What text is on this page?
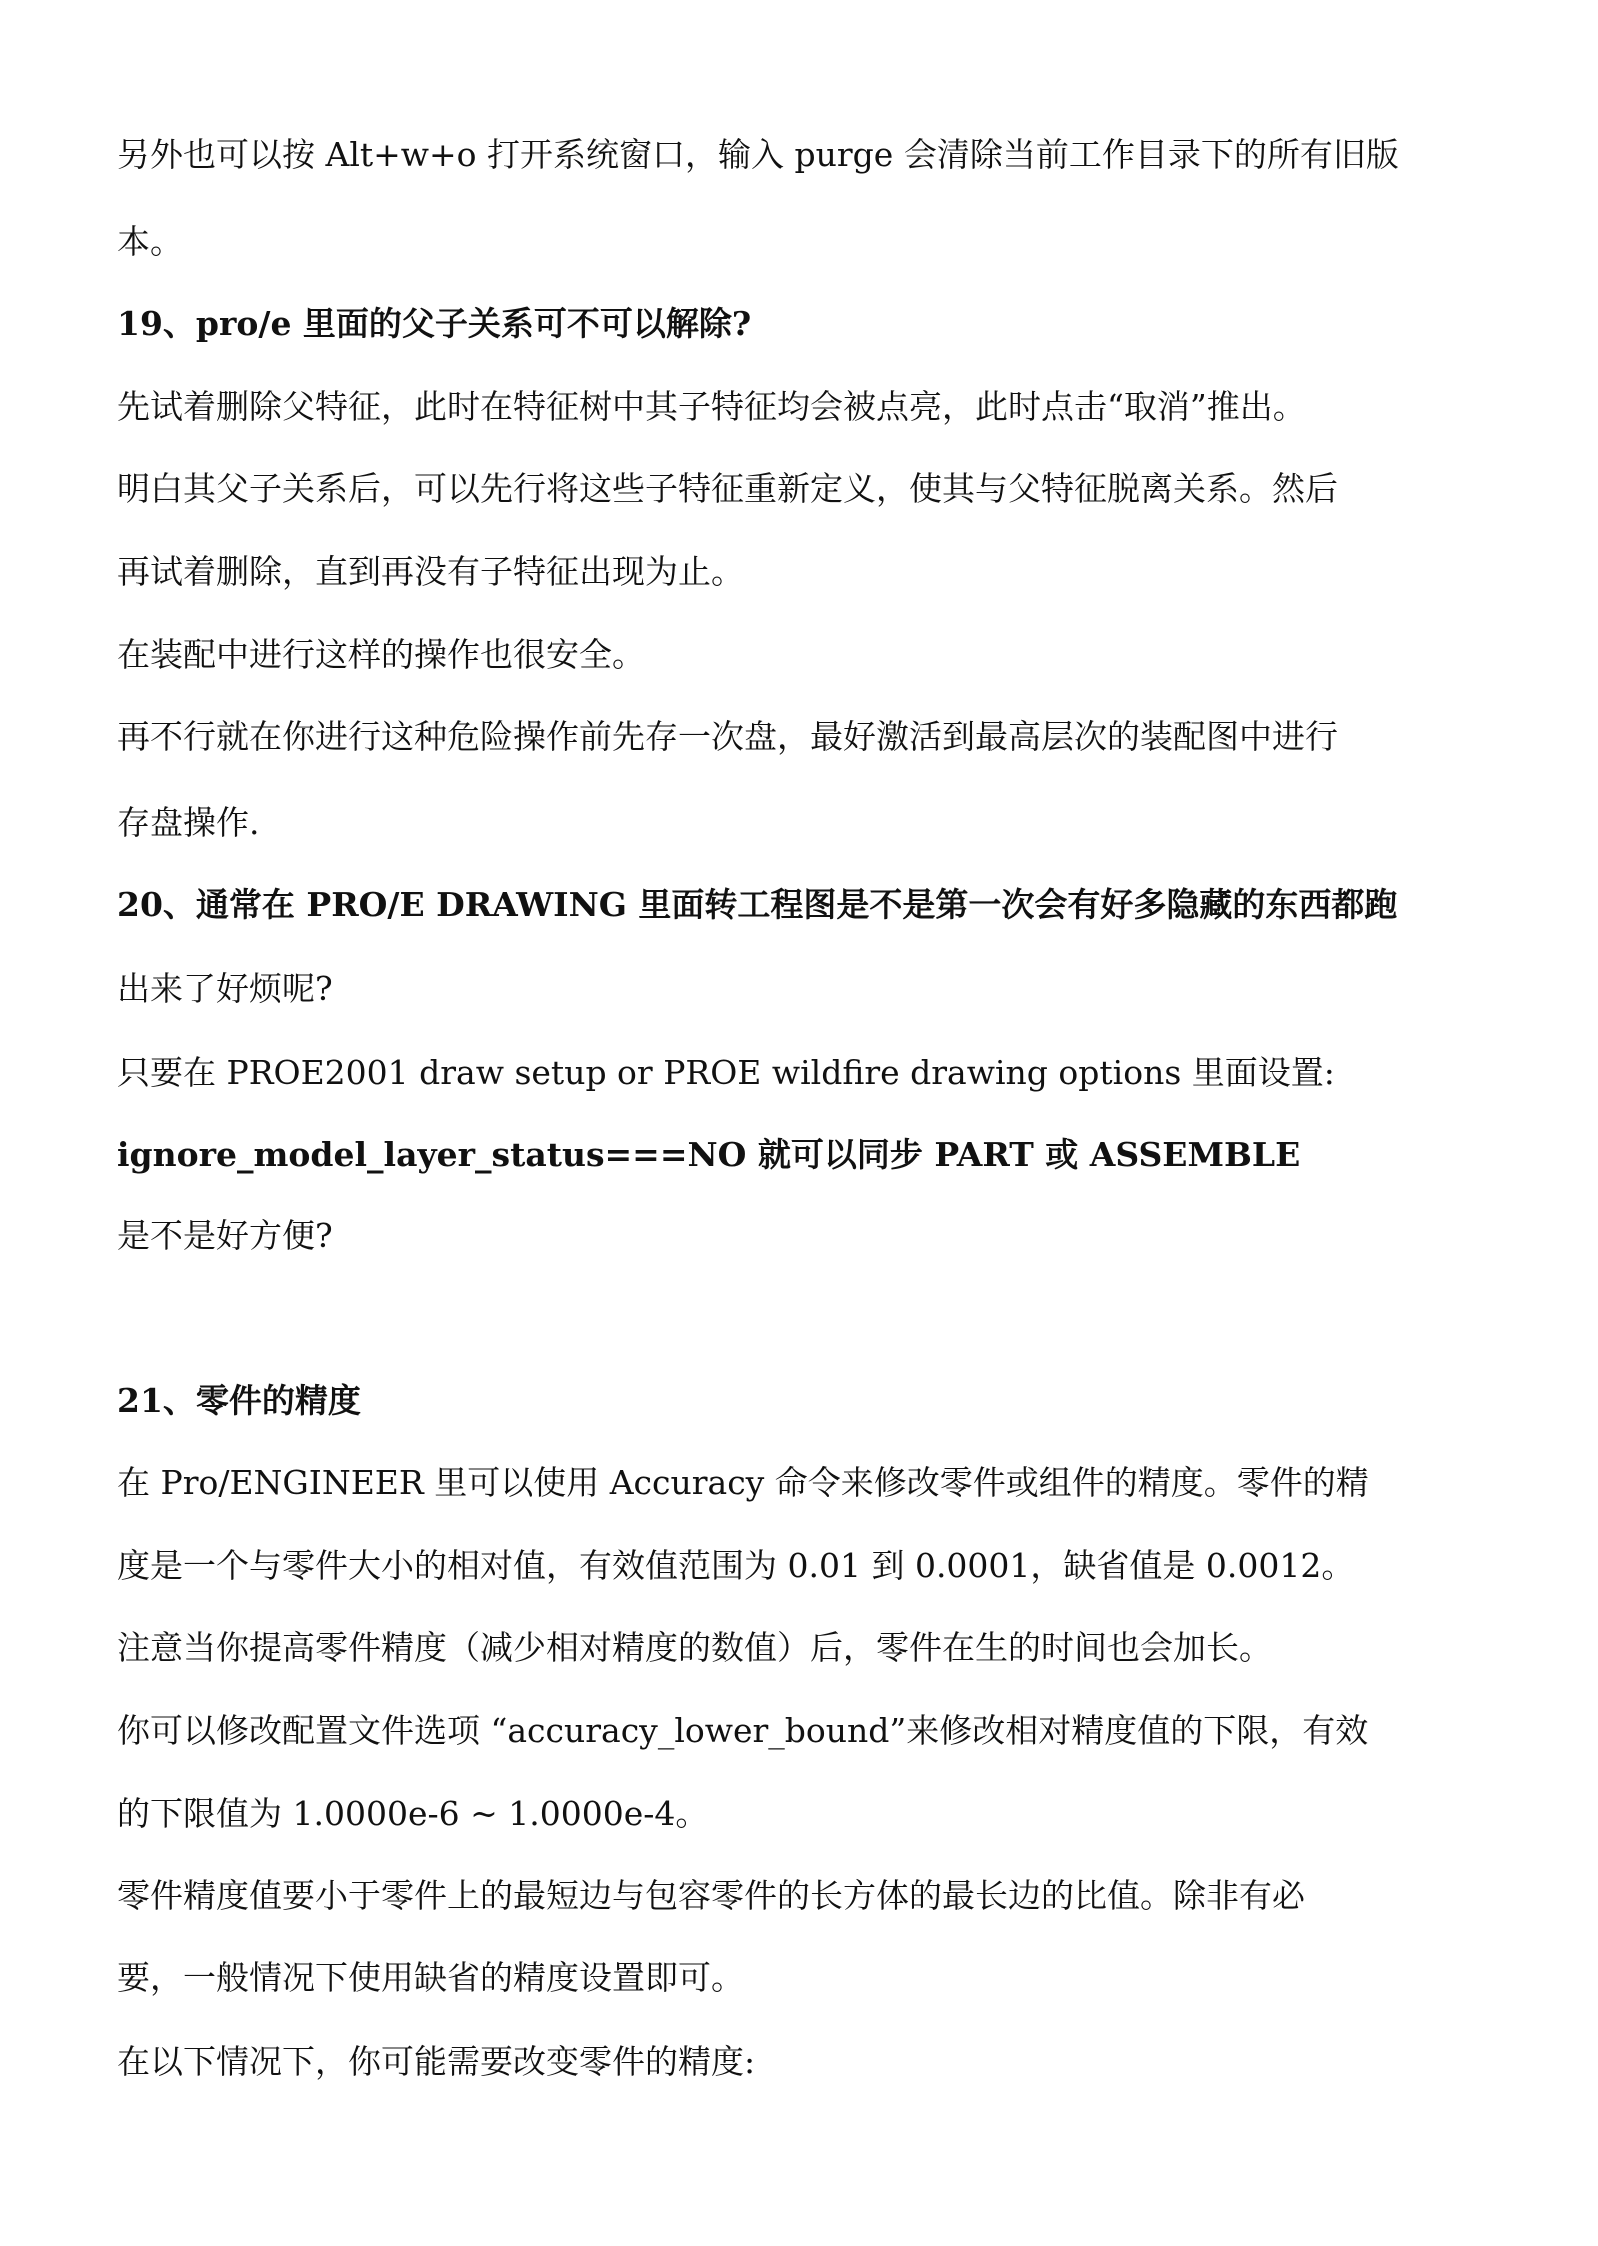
另外也可以按 Alt+w+o 打开系统窗口，输入 purge 会清除当前工作目录下的所有旧版
本。
19、pro/e 里面的父子关系可不可以解除?
先试着删除父特征，此时在特征树中其子特征均会被点亮，此时点击“取消”推出。
明白其父子关系后，可以先行将这些子特征重新定义，使其与父特征脱离关系。然后
再试着删除，直到再没有子特征出现为止。
在装配中进行这样的操作也很安全。
再不行就在你进行这种危险操作前先存一次盘，最好激活到最高层次的装配图中进行
存盘操作.
20、通常在 PRO/E DRAWING 里面转工程图是不是第一次会有好多隐藏的东西都跑
出来了好烦呢?
只要在 PROE2001 draw setup or PROE wildfire drawing options 里面设置:
ignore_model_layer_status===NO 就可以同步 PART 或 ASSEMBLE
是不是好方便?
21、零件的精度
在 Pro/ENGINEER 里可以使用 Accuracy 命令来修改零件或组件的精度。零件的精
度是一个与零件大小的相对值，有效值范围为 0.01 到 0.0001，缺省值是 0.0012。
注意当你提高零件精度（减少相对精度的数值）后，零件在生的时间也会加长。
你可以修改配置文件选项 “accuracy_lower_bound”来修改相对精度值的下限，有效
的下限值为 1.0000e-6 ~ 1.0000e-4。
零件精度值要小于零件上的最短边与包容零件的长方体的最长边的比值。除非有必
要，一般情况下使用缺省的精度设置即可。
在以下情况下，你可能需要改变零件的精度:
